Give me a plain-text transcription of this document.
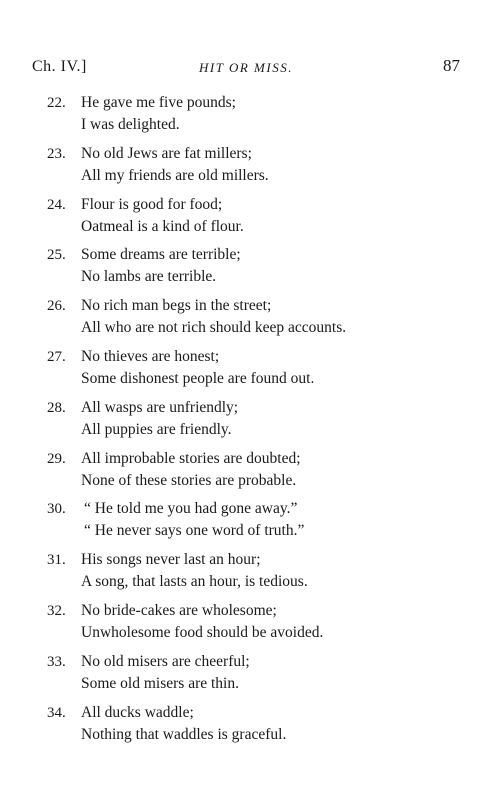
Ch. IV.]	HIT OR MISS.	87
22. He gave me five pounds;
I was delighted.
23. No old Jews are fat millers;
All my friends are old millers.
24. Flour is good for food;
Oatmeal is a kind of flour.
25. Some dreams are terrible;
No lambs are terrible.
26. No rich man begs in the street;
All who are not rich should keep accounts.
27. No thieves are honest;
Some dishonest people are found out.
28. All wasps are unfriendly;
All puppies are friendly.
29. All improbable stories are doubted;
None of these stories are probable.
30.	“ He told me you had gone away.”
“ He never says one word of truth.”
31. His songs never last an hour;
A song, that lasts an hour, is tedious.
32. No bride-cakes are wholesome;
Unwholesome food should be avoided.
33. No old misers are cheerful;
Some old misers are thin.
34. All ducks waddle;
Nothing that waddles is graceful.
